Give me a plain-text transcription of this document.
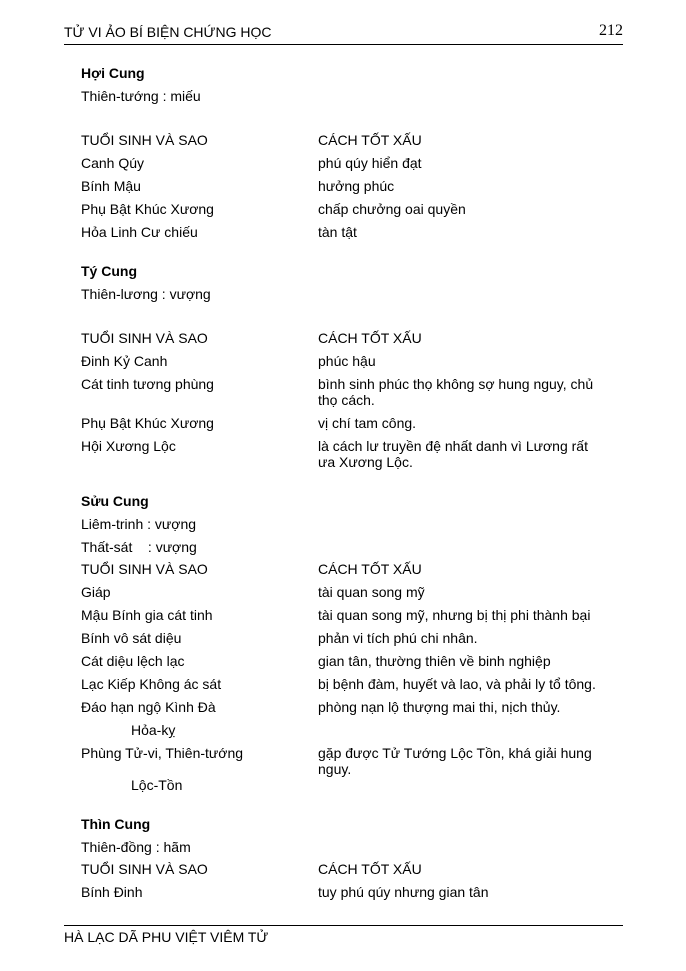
TỬ VI ẢO BÍ BIỆN CHỨNG HỌC	212
Hợi Cung
Thiên-tướng : miếu
TUỔI SINH VÀ SAO	CÁCH TỐT XẤU
Canh Qúy	phú qúy hiển đạt
Bính Mậu	hưởng phúc
Phụ Bật Khúc Xương	chấp chưởng oai quyền
Hỏa Linh Cư chiếu	tàn tật
Tý Cung
Thiên-lương : vượng
TUỔI SINH VÀ SAO	CÁCH TỐT XẤU
Đinh Kỷ Canh	phúc hậu
Cát tinh tương phùng	bình sinh phúc thọ không sợ hung nguy, chủ thọ cách.
Phụ Bật Khúc Xương	vị chí tam công.
Hội Xương Lộc	là cách lư truyền đệ nhất danh vì Lương rất ưa Xương Lộc.
Sửu Cung
Liêm-trinh : vượng
Thất-sát    : vượng
TUỔI SINH VÀ SAO	CÁCH TỐT XẤU
Giáp	tài quan song mỹ
Mậu Bính gia cát tinh	tài quan song mỹ, nhưng bị thị phi thành bại
Bính vô sát diệu	phản vi tích phú chi nhân.
Cát diệu lệch lạc	gian tân, thường thiên về binh nghiệp
Lạc Kiếp Không ác sát	bị bệnh đàm, huyết và lao, và phải ly tổ tông.
Đáo hạn ngộ Kình Đà	phòng nạn lộ thượng mai thi, nịch thủy.
Hỏa-kỵ
Phùng Tử-vi, Thiên-tướng	gặp được Tử Tướng Lộc Tồn, khá giải hung nguy.
Lộc-Tồn
Thìn Cung
Thiên-đồng : hãm
TUỔI SINH VÀ SAO	CÁCH TỐT XẤU
Bính Đinh	tuy phú qúy nhưng gian tân
HÀ LẠC DÃ PHU VIỆT VIÊM TỬ
